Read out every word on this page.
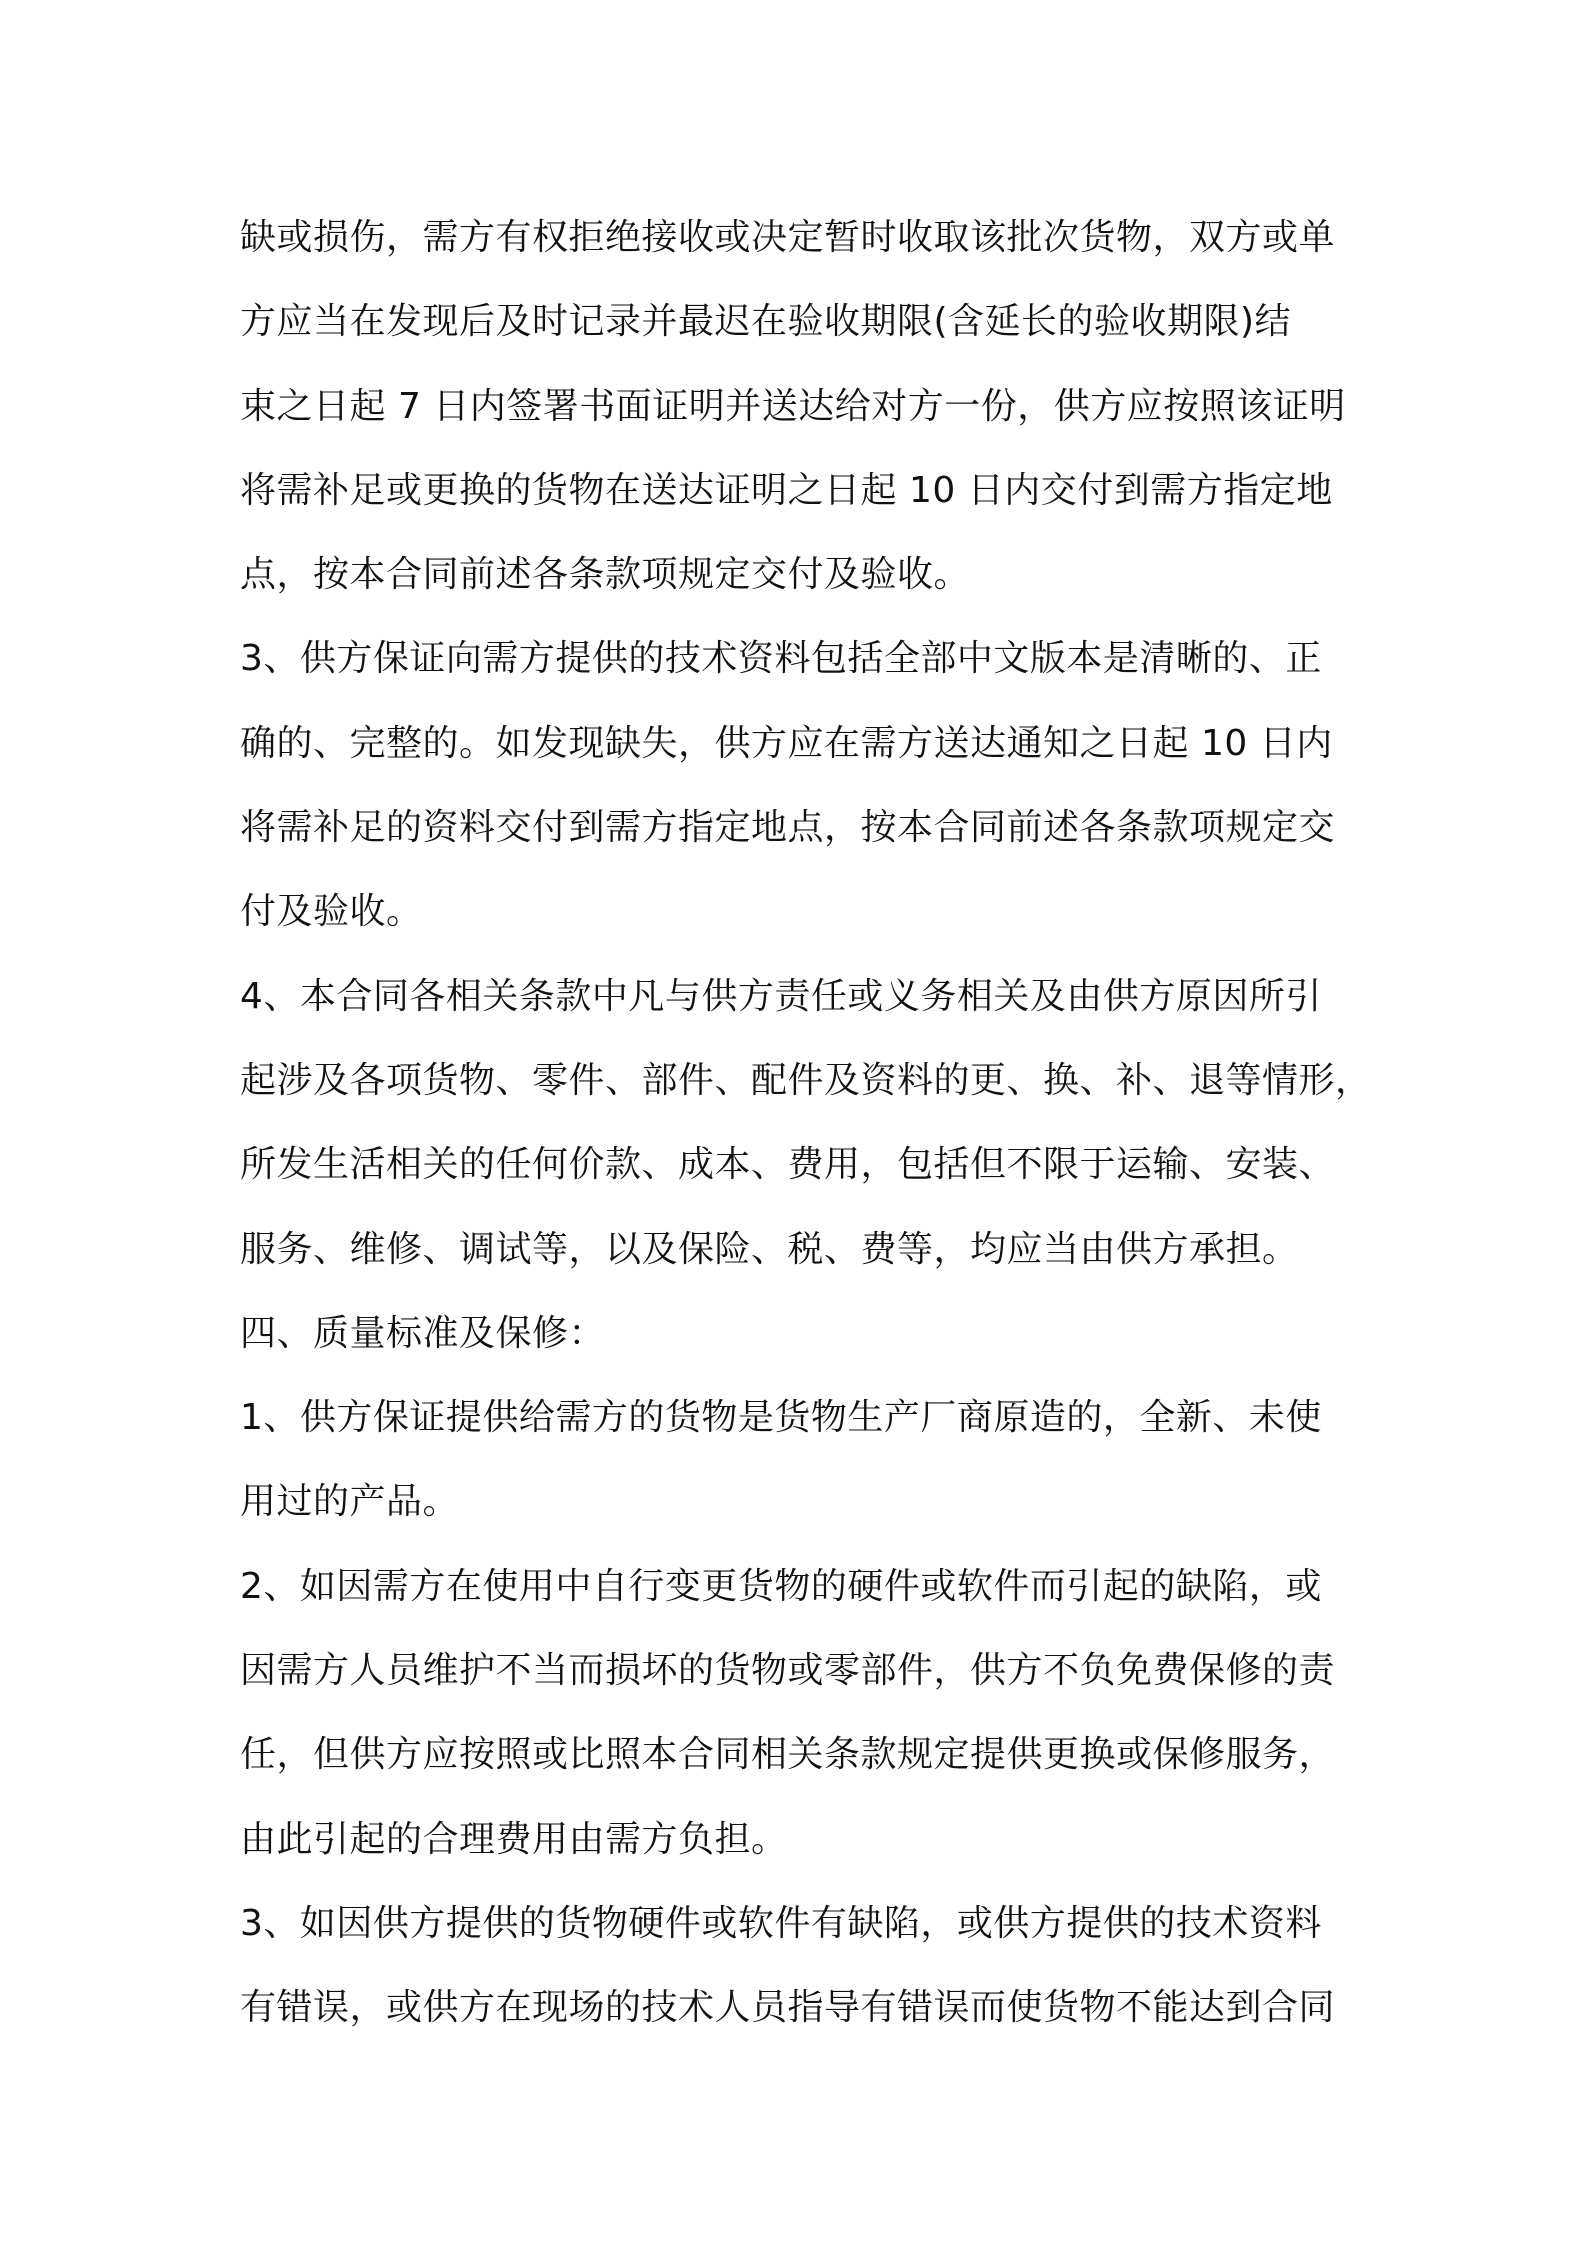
缺或损伤，需方有权拒绝接收或决定暂时收取该批次货物，双方或单
方应当在发现后及时记录并最迟在验收期限(含延长的验收期限)结
束之日起 7 日内签署书面证明并送达给对方一份，供方应按照该证明
将需补足或更换的货物在送达证明之日起 10 日内交付到需方指定地
点，按本合同前述各条款项规定交付及验收。
3、供方保证向需方提供的技术资料包括全部中文版本是清晰的、正
确的、完整的。如发现缺失，供方应在需方送达通知之日起 10 日内
将需补足的资料交付到需方指定地点，按本合同前述各条款项规定交
付及验收。
4、本合同各相关条款中凡与供方责任或义务相关及由供方原因所引
起涉及各项货物、零件、部件、配件及资料的更、换、补、退等情形，
所发生活相关的任何价款、成本、费用，包括但不限于运输、安装、
服务、维修、调试等，以及保险、税、费等，均应当由供方承担。
四、质量标准及保修：
1、供方保证提供给需方的货物是货物生产厂商原造的，全新、未使
用过的产品。
2、如因需方在使用中自行变更货物的硬件或软件而引起的缺陷，或
因需方人员维护不当而损坏的货物或零部件，供方不负免费保修的责
任，但供方应按照或比照本合同相关条款规定提供更换或保修服务，
由此引起的合理费用由需方负担。
3、如因供方提供的货物硬件或软件有缺陷，或供方提供的技术资料
有错误，或供方在现场的技术人员指导有错误而使货物不能达到合同
